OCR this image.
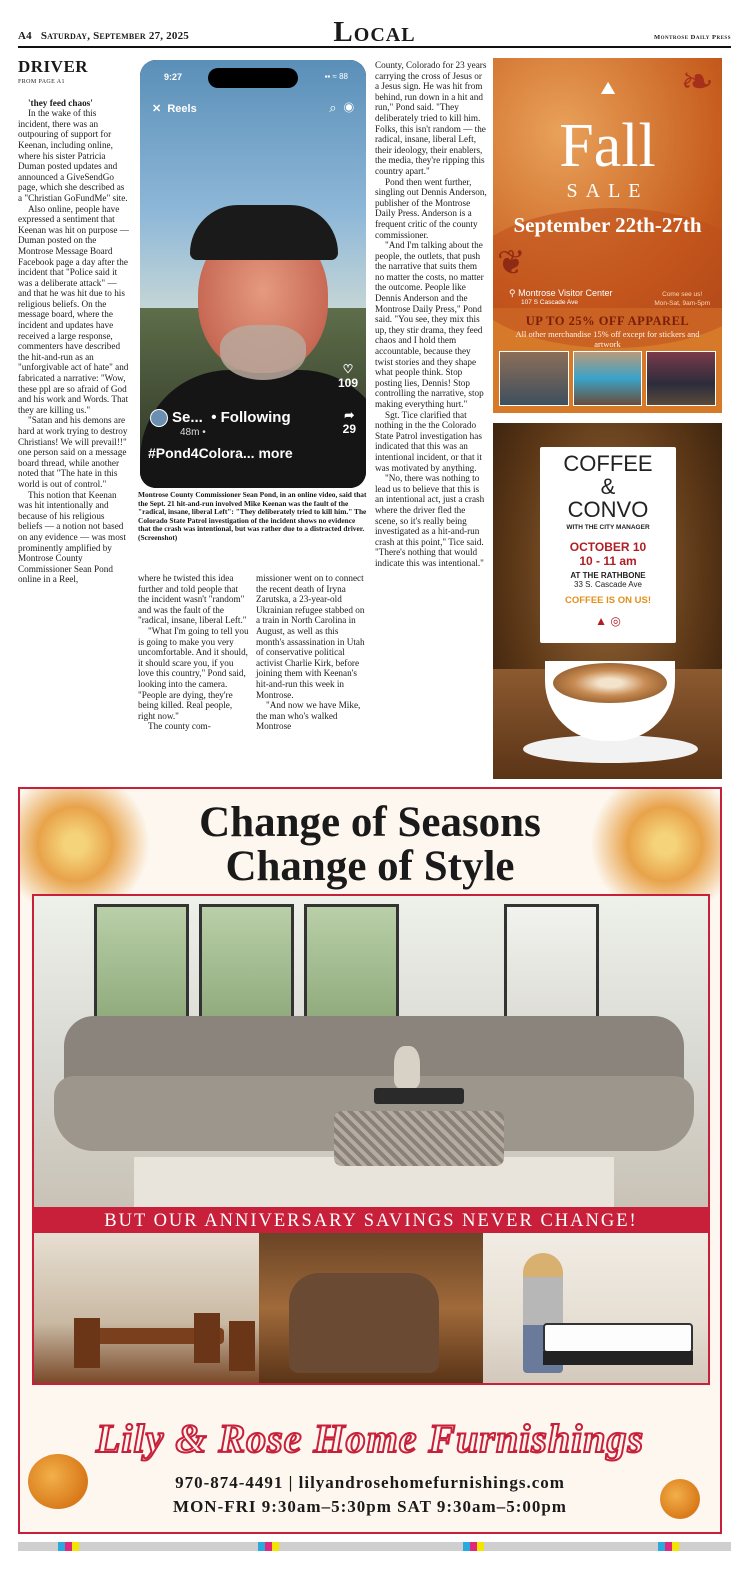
A4 Saturday, September 27, 2025	Local	Montrose Daily Press
DRIVER
FROM PAGE A1

'they feed chaos'

In the wake of this incident, there was an outpouring of support for Keenan, including online, where his sister Patricia Duman posted updates and announced a GiveSendGo page, which she described as a "Christian GoFundMe" site.

Also online, people have expressed a sentiment that Keenan was hit on purpose — Duman posted on the Montrose Message Board Facebook page a day after the incident that "Police said it was a deliberate attack" — and that he was hit due to his religious beliefs. On the message board, where the incident and updates have received a large response, commenters have described the hit-and-run as an "unforgivable act of hate" and fabricated a narrative: "Wow, these ppl are so afraid of God and his work and Words. That they are killing us."

"Satan and his demons are hard at work trying to destroy Christians! We will prevail!!" one person said on a message board thread, while another noted that "The hate in this world is out of control."

This notion that Keenan was hit intentionally and because of his religious beliefs — a notion not based on any evidence — was most prominently amplified by Montrose County Commissioner Sean Pond online in a Reel,

9:27	▪▪ ≈ 88
✕ Reels	⌕ ◉
♡
109
➦
29
Se... • Following
48m •
#Pond4Colora... more
Montrose County Commissioner Sean Pond, in an online video, said that the Sept. 21 hit-and-run involved Mike Keenan was the fault of the "radical, insane, liberal Left": "They deliberately tried to kill him." The Colorado State Patrol investigation of the incident shows no evidence that the crash was intentional, but was rather due to a distracted driver. (Screenshot)

where he twisted this idea further and told people that the incident wasn't "random" and was the fault of the "radical, insane, liberal Left."

"What I'm going to tell you is going to make you very uncomfortable. And it should, it should scare you, if you love this country," Pond said, looking into the camera. "People are dying, they're being killed. Real people, right now."

The county com-

missioner went on to connect the recent death of Iryna Zarutska, a 23-year-old Ukrainian refugee stabbed on a train in North Carolina in August, as well as this month's assassination in Utah of conservative political activist Charlie Kirk, before joining them with Keenan's hit-and-run this week in Montrose.

"And now we have Mike, the man who's walked Montrose

County, Colorado for 23 years carrying the cross of Jesus or a Jesus sign. He was hit from behind, run down in a hit and run," Pond said. "They deliberately tried to kill him. Folks, this isn't random — the radical, insane, liberal Left, their ideology, their enablers, the media, they're ripping this country apart."

Pond then went further, singling out Dennis Anderson, publisher of the Montrose Daily Press. Anderson is a frequent critic of the county commissioner.

"And I'm talking about the people, the outlets, that push the narrative that suits them no matter the costs, no matter the outcome. People like Dennis Anderson and the Montrose Daily Press," Pond said. "You see, they mix this up, they stir drama, they feed chaos and I hold them accountable, because they twist stories and they shape what people think. Stop posting lies, Dennis! Stop controlling the narrative, stop making everything hurt."

Sgt. Tice clarified that nothing in the the Colorado State Patrol investigation has indicated that this was an intentional incident, or that it was motivated by anything.

"No, there was nothing to lead us to believe that this is an intentional act, just a crash where the driver fled the scene, so it's really being investigated as a hit-and-run crash at this point," Tice said. "There's nothing that would indicate this was intentional."

❧
❦
⛰
Fall
SALE
September 22th-27th
⚲ Montrose Visitor Center
107 S Cascade Ave
Come see us!
Mon-Sat, 9am-5pm
UP TO 25% OFF APPAREL
All other merchandise 15% off except for stickers and artwork
COFFEE
&
CONVO
WITH THE CITY MANAGER
OCTOBER 10
10 - 11 am
AT THE RATHBONE
33 S. Cascade Ave
COFFEE IS ON US!
▲ ◎
Change of Seasons
Change of Style
BUT OUR ANNIVERSARY SAVINGS NEVER CHANGE!
Lily & Rose Home Furnishings
970-874-4491 | lilyandrosehomefurnishings.com
MON-FRI 9:30am–5:30pm SAT 9:30am–5:00pm
